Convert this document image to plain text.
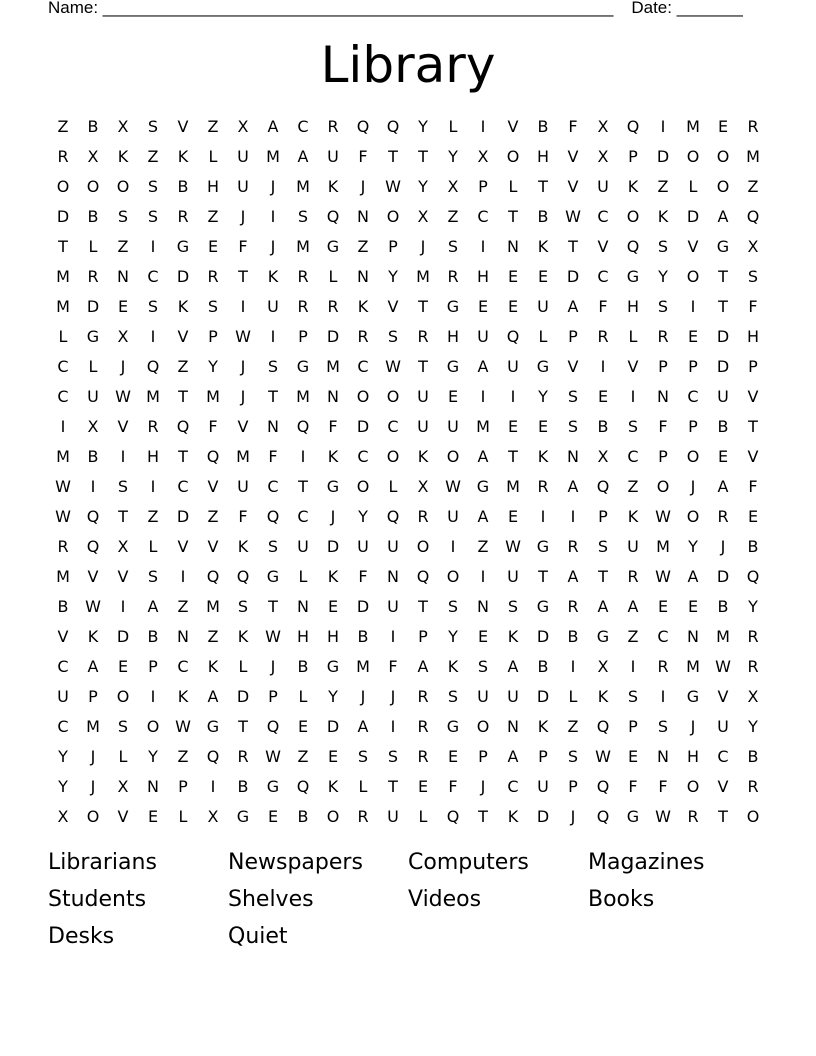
Name: ______________________________________________________ Date: _______
Library
Z	B	X	S	V	Z	X	A	C	R	Q	Q	Y	L	I	V	B	F	X	Q	I	M	E	R
R	X	K	Z	K	L	U	M	A	U	F	T	T	Y	X	O	H	V	X	P	D	O	O	M
O	O	O	S	B	H	U	J	M	K	J	W	Y	X	P	L	T	V	U	K	Z	L	O	Z
D	B	S	S	R	Z	J	I	S	Q	N	O	X	Z	C	T	B	W	C	O	K	D	A	Q
T	L	Z	I	G	E	F	J	M	G	Z	P	J	S	I	N	K	T	V	Q	S	V	G	X
M	R	N	C	D	R	T	K	R	L	N	Y	M	R	H	E	E	D	C	G	Y	O	T	S
M	D	E	S	K	S	I	U	R	R	K	V	T	G	E	E	U	A	F	H	S	I	T	F
L	G	X	I	V	P	W	I	P	D	R	S	R	H	U	Q	L	P	R	L	R	E	D	H
C	L	J	Q	Z	Y	J	S	G	M	C	W	T	G	A	U	G	V	I	V	P	P	D	P
C	U	W	M	T	M	J	T	M	N	O	O	U	E	I	I	Y	S	E	I	N	C	U	V
I	X	V	R	Q	F	V	N	Q	F	D	C	U	U	M	E	E	S	B	S	F	P	B	T
M	B	I	H	T	Q	M	F	I	K	C	O	K	O	A	T	K	N	X	C	P	O	E	V
W	I	S	I	C	V	U	C	T	G	O	L	X	W	G	M	R	A	Q	Z	O	J	A	F
W	Q	T	Z	D	Z	F	Q	C	J	Y	Q	R	U	A	E	I	I	P	K	W	O	R	E
R	Q	X	L	V	V	K	S	U	D	U	U	O	I	Z	W	G	R	S	U	M	Y	J	B
M	V	V	S	I	Q	Q	G	L	K	F	N	Q	O	I	U	T	A	T	R	W	A	D	Q
B	W	I	A	Z	M	S	T	N	E	D	U	T	S	N	S	G	R	A	A	E	E	B	Y
V	K	D	B	N	Z	K	W	H	H	B	I	P	Y	E	K	D	B	G	Z	C	N	M	R
C	A	E	P	C	K	L	J	B	G	M	F	A	K	S	A	B	I	X	I	R	M	W	R
U	P	O	I	K	A	D	P	L	Y	J	J	R	S	U	U	D	L	K	S	I	G	V	X
C	M	S	O	W	G	T	Q	E	D	A	I	R	G	O	N	K	Z	Q	P	S	J	U	Y
Y	J	L	Y	Z	Q	R	W	Z	E	S	S	R	E	P	A	P	S	W	E	N	H	C	B
Y	J	X	N	P	I	B	G	Q	K	L	T	E	F	J	C	U	P	Q	F	F	O	V	R
X	O	V	E	L	X	G	E	B	O	R	U	L	Q	T	K	D	J	Q	G	W	R	T	O
Librarians	Newspapers	Computers	Magazines
Students	Shelves	Videos	Books
Desks	Quiet
